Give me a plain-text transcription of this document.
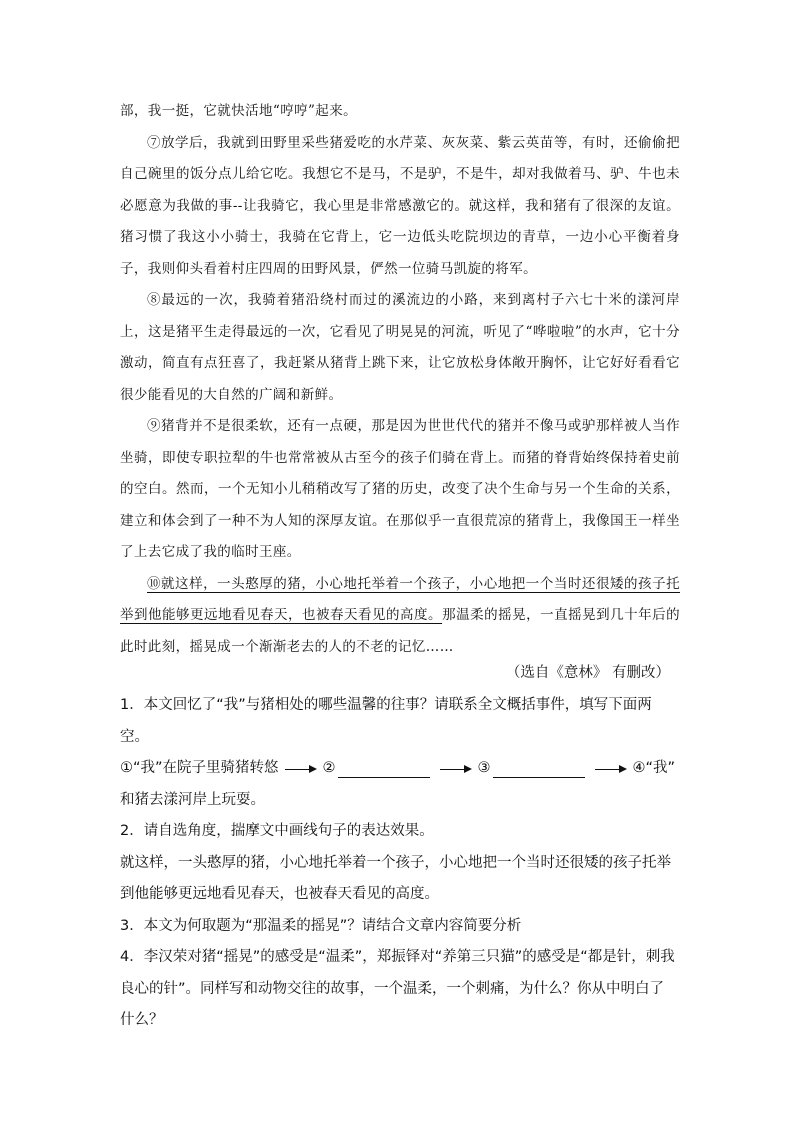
部，我一挺，它就快活地“哼哼”起来。

⑦放学后，我就到田野里采些猪爱吃的水芹菜、灰灰菜、紫云英苗等，有时，还偷偷把自己碗里的饭分点儿给它吃。我想它不是马，不是驴，不是牛，却对我做着马、驴、牛也未必愿意为我做的事--让我骑它，我心里是非常感激它的。就这样，我和猪有了很深的友谊。猪习惯了我这小小骑士，我骑在它背上，它一边低头吃院坝边的青草，一边小心平衡着身子，我则仰头看着村庄四周的田野风景，俨然一位骑马凯旋的将军。

⑧最远的一次，我骑着猪沿绕村而过的溪流边的小路，来到离村子六七十米的漾河岸上，这是猪平生走得最远的一次，它看见了明晃晃的河流，听见了“哗啦啦”的水声，它十分激动，简直有点狂喜了，我赶紧从猪背上跳下来，让它放松身体敞开胸怀，让它好好看看它很少能看见的大自然的广阔和新鲜。

⑨猪背并不是很柔软，还有一点硬，那是因为世世代代的猪并不像马或驴那样被人当作坐骑，即使专职拉犁的牛也常常被从古至今的孩子们骑在背上。而猪的脊背始终保持着史前的空白。然而，一个无知小儿稍稍改写了猪的历史，改变了决个生命与另一个生命的关系，建立和体会到了一种不为人知的深厚友谊。在那似乎一直很荒凉的猪背上，我像国王一样坐了上去它成了我的临时王座。

⑩就这样，一头憨厚的猪，小心地托举着一个孩子，小心地把一个当时还很矮的孩子托举到他能够更远地看见春天，也被春天看见的高度。那温柔的摇晃，一直摇晃到几十年后的此时此刻，摇晃成一个渐渐老去的人的不老的记忆……

（选自《意林》 有删改）

1．本文回忆了“我”与猪相处的哪些温馨的往事？请联系全文概括事件，填写下面两空。

①“我”在院子里骑猪转悠	②	③	④“我”

和猪去漾河岸上玩耍。

2．请自选角度，揣摩文中画线句子的表达效果。

就这样，一头憨厚的猪，小心地托举着一个孩子，小心地把一个当时还很矮的孩子托举到他能够更远地看见春天，也被春天看见的高度。

3．本文为何取题为“那温柔的摇晃”？请结合文章内容简要分析

4．李汉荣对猪“摇晃”的感受是“温柔”，郑振铎对“养第三只猫”的感受是“都是针，刺我良心的针”。同样写和动物交往的故事，一个温柔，一个刺痛，为什么？你从中明白了什么？
